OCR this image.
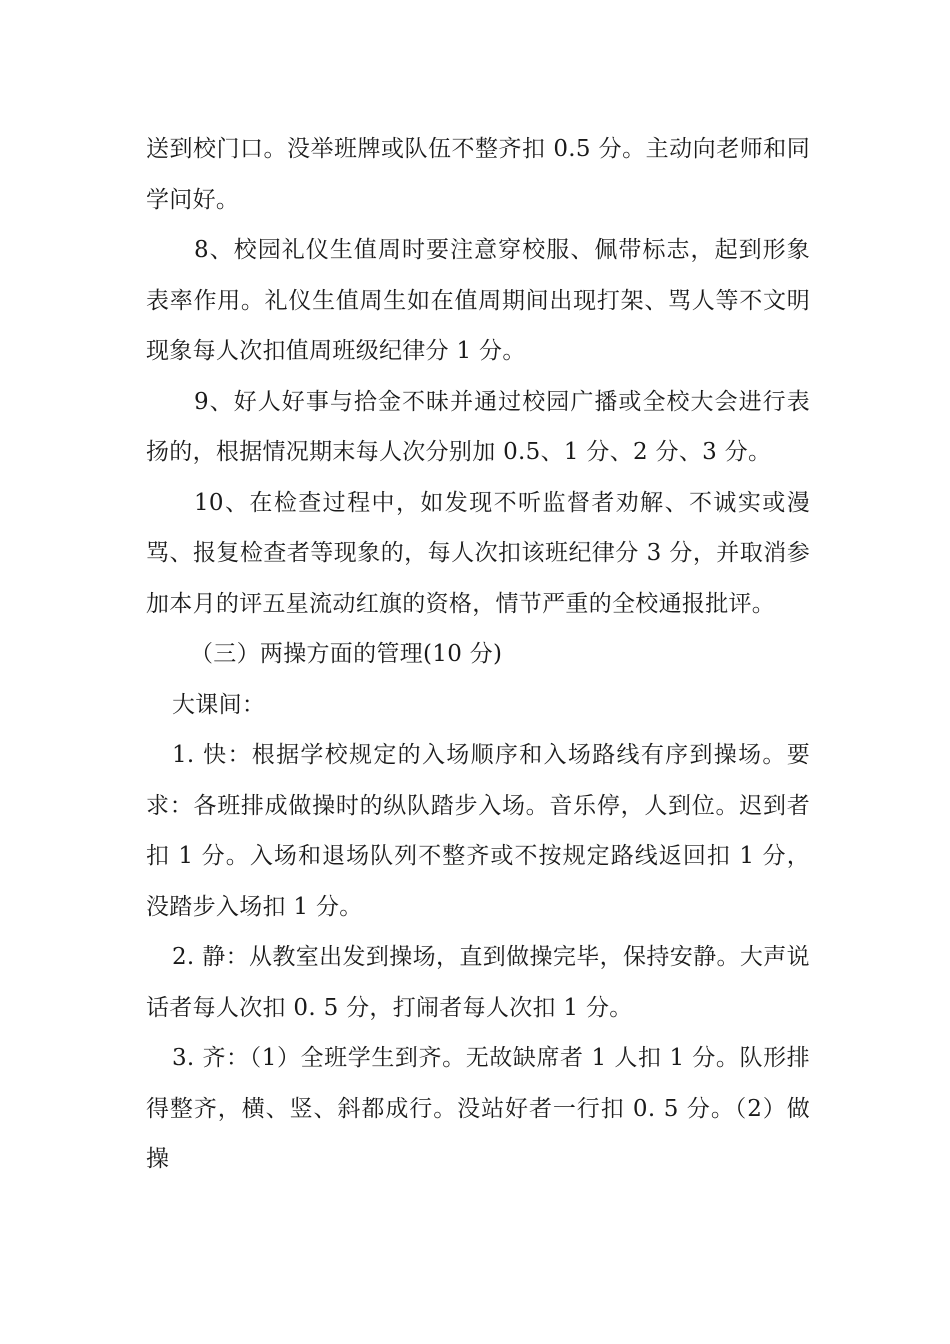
送到校门口。没举班牌或队伍不整齐扣 0.5 分。主动向老师和同学问好。

8、校园礼仪生值周时要注意穿校服、佩带标志，起到形象表率作用。礼仪生值周生如在值周期间出现打架、骂人等不文明现象每人次扣值周班级纪律分 1 分。

9、好人好事与拾金不昧并通过校园广播或全校大会进行表扬的，根据情况期末每人次分别加 0.5、1 分、2 分、3 分。

10、在检查过程中，如发现不听监督者劝解、不诚实或漫骂、报复检查者等现象的，每人次扣该班纪律分 3 分，并取消参加本月的评五星流动红旗的资格，情节严重的全校通报批评。

（三）两操方面的管理(10 分)

大课间：

1. 快：根据学校规定的入场顺序和入场路线有序到操场。要求：各班排成做操时的纵队踏步入场。音乐停，人到位。迟到者扣 1 分。入场和退场队列不整齐或不按规定路线返回扣 1 分，没踏步入场扣 1 分。

2. 静：从教室出发到操场，直到做操完毕，保持安静。大声说话者每人次扣 0. 5 分，打闹者每人次扣 1 分。

3. 齐：（1）全班学生到齐。无故缺席者 1 人扣 1 分。队形排得整齐，横、竖、斜都成行。没站好者一行扣 0. 5 分。（2）做操
